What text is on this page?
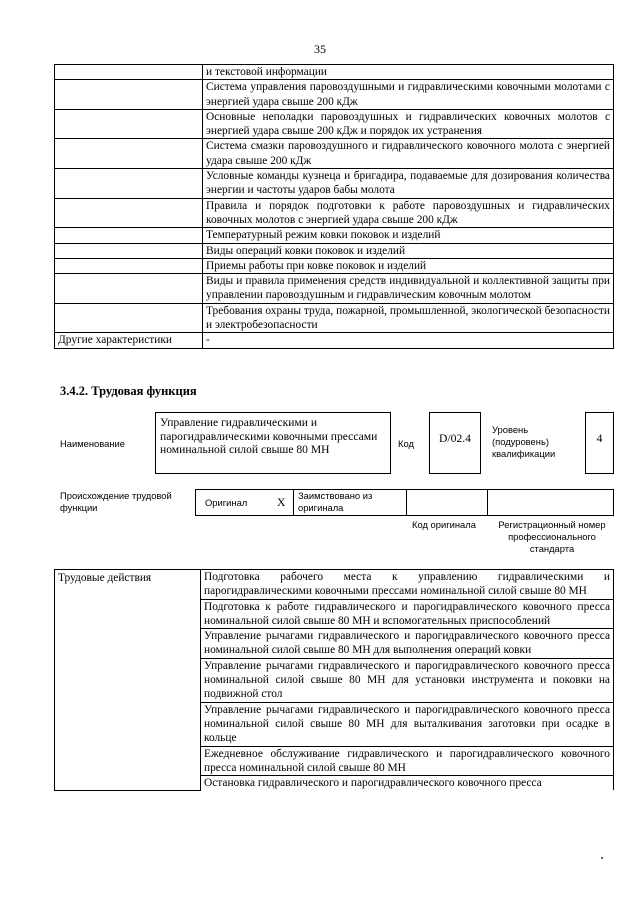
35
	и текстовой информации
	Система управления паровоздушными и гидравлическими ковочными молотами с энергией удара свыше 200 кДж
	Основные неполадки паровоздушных и гидравлических ковочных молотов с энергией удара свыше 200 кДж и порядок их устранения
	Система смазки паровоздушного и гидравлического ковочного молота с энергией удара свыше 200 кДж
	Условные команды кузнеца и бригадира, подаваемые для дозирования количества энергии и частоты ударов бабы молота
	Правила и порядок подготовки к работе паровоздушных и гидравлических ковочных молотов с энергией удара свыше 200 кДж
	Температурный режим ковки поковок и изделий
	Виды операций ковки поковок и изделий
	Приемы работы при ковке поковок и изделий
	Виды и правила применения средств индивидуальной и коллективной защиты при управлении паровоздушным и гидравлическим ковочным молотом
	Требования охраны труда, пожарной, промышленной, экологической безопасности и электробезопасности
Другие характеристики	-
3.4.2. Трудовая функция
Наименование
Управление гидравлическими и парогидравлическими ковочными прессами номинальной силой свыше 80 МН	Код	D/02.4
Уровень (подуровень) квалификации
4
Происхождение трудовой функции	Оригинал	X
Заимствовано из оригинала
Код оригинала	Регистрационный номер профессионального стандарта
Трудовые действия	Подготовка рабочего места к управлению гидравлическими и парогидравлическими ковочными прессами номинальной силой свыше 80 МН
Подготовка к работе гидравлического и парогидравлического ковочного пресса номинальной силой свыше 80 МН и вспомогательных приспособлений
Управление рычагами гидравлического и парогидравлического ковочного пресса номинальной силой свыше 80 МН для выполнения операций ковки
Управление рычагами гидравлического и парогидравлического ковочного пресса номинальной силой свыше 80 МН для установки инструмента и поковки на подвижной стол
Управление рычагами гидравлического и парогидравлического ковочного пресса номинальной силой свыше 80 МН для выталкивания заготовки при осадке в кольце
Ежедневное обслуживание гидравлического и парогидравлического ковочного пресса номинальной силой свыше 80 МН
Остановка гидравлического и парогидравлического ковочного пресса
